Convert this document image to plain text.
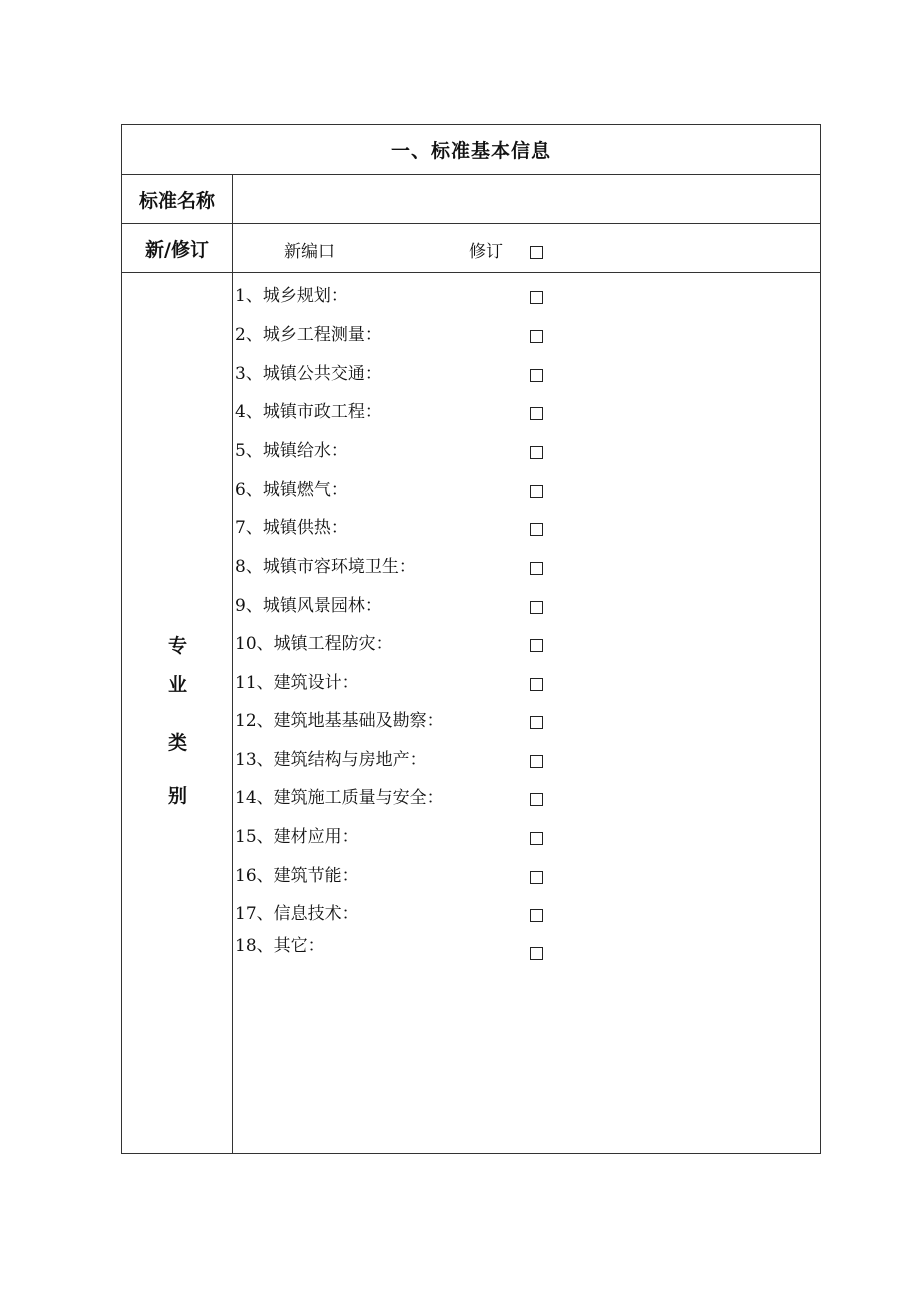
一、标准基本信息
标准名称
新/修订	新编口	修订
专
业
类
别
1、城乡规划：
2、城乡工程测量：
3、城镇公共交通：
4、城镇市政工程：
5、城镇给水：
6、城镇燃气：
7、城镇供热：
8、城镇市容环境卫生：
9、城镇风景园林：
10、城镇工程防灾：
11、建筑设计：
12、建筑地基基础及勘察：
13、建筑结构与房地产：
14、建筑施工质量与安全：
15、建材应用：
16、建筑节能：
17、信息技术：
18、其它：
